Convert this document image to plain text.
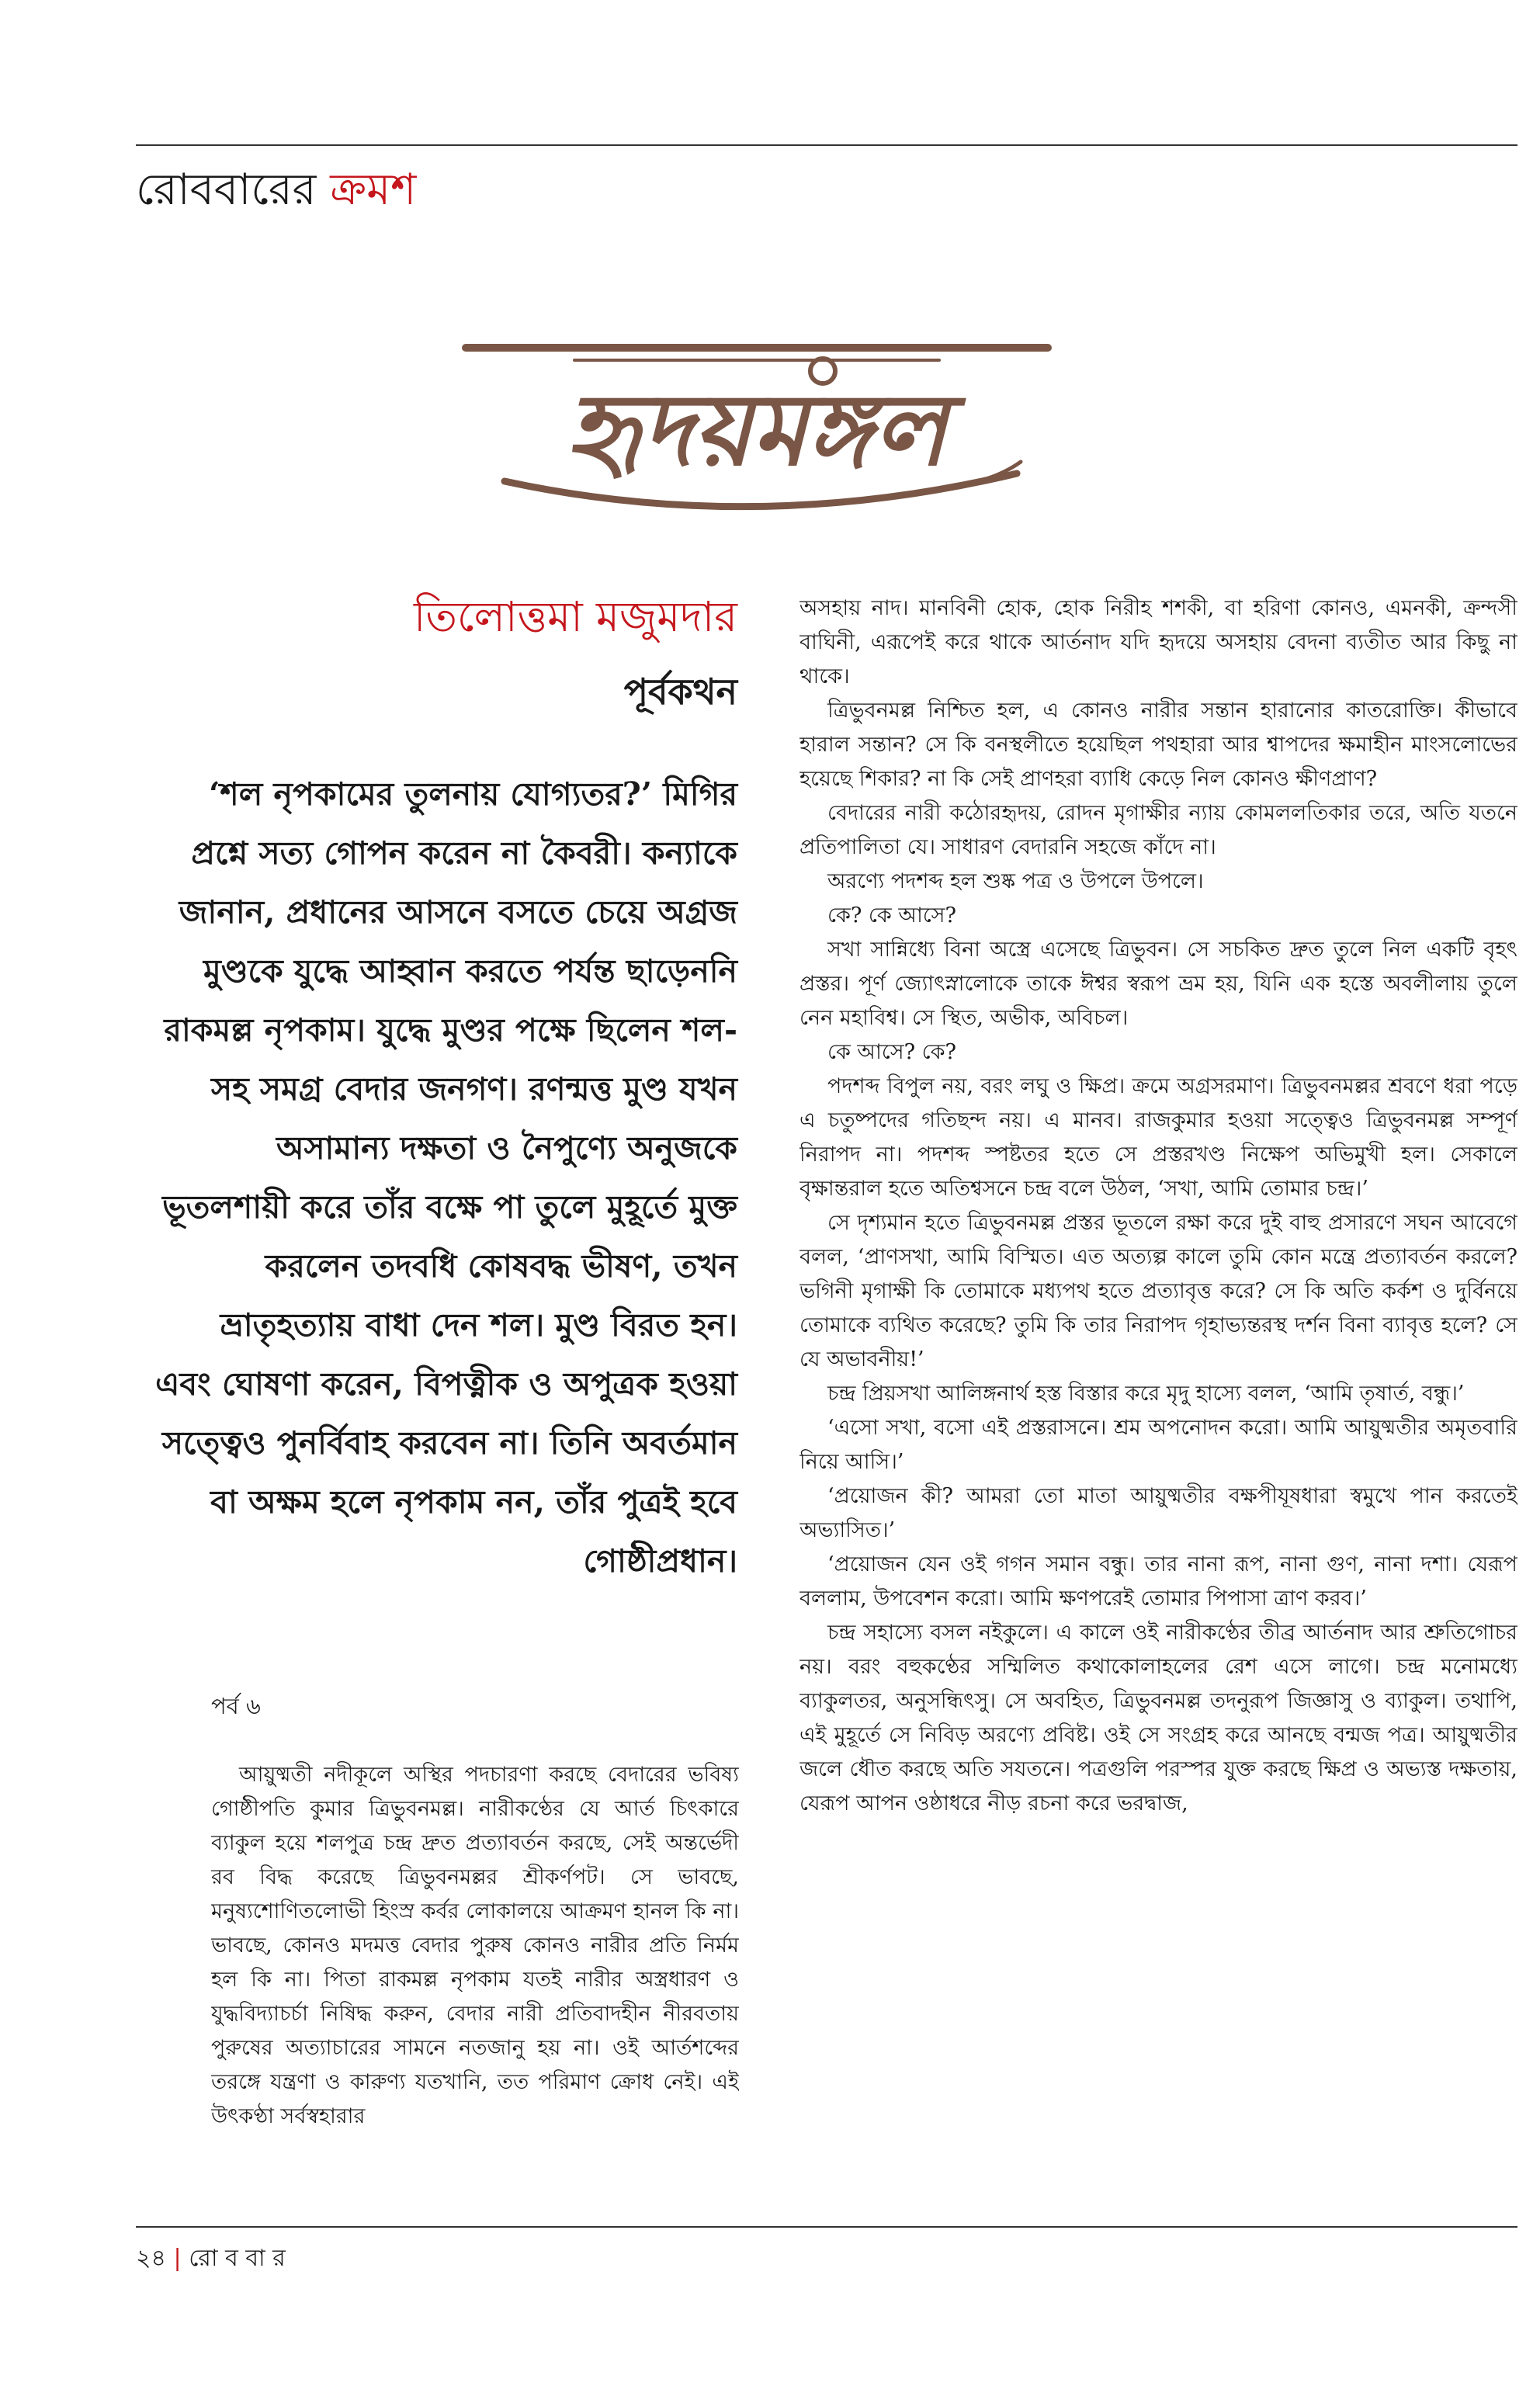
রোববারের ক্রমশ
হৃদয়মঙ্গল
তিলোত্তমা মজুমদার
পূর্বকথন
‘শল নৃপকামের তুলনায় যোগ্যতর?’ মিগির প্রশ্নে সত্য গোপন করেন না কৈবরী। কন্যাকে জানান, প্রধানের আসনে বসতে চেয়ে অগ্রজ মুণ্ডকে যুদ্ধে আহ্বান করতে পর্যন্ত ছাড়েননি রাকমল্ল নৃপকাম। যুদ্ধে মুণ্ডর পক্ষে ছিলেন শল-সহ সমগ্র বেদার জনগণ। রণন্মত্ত মুণ্ড যখন অসামান্য দক্ষতা ও নৈপুণ্যে অনুজকে ভূতলশায়ী করে তাঁর বক্ষে পা তুলে মুহূর্তে মুক্ত করলেন তদবধি কোষবদ্ধ ভীষণ, তখন ভ্রাতৃহত্যায় বাধা দেন শল। মুণ্ড বিরত হন। এবং ঘোষণা করেন, বিপত্নীক ও অপুত্রক হওয়া সত্ত্বেও পুনর্বিবাহ করবেন না। তিনি অবর্তমান বা অক্ষম হলে নৃপকাম নন, তাঁর পুত্রই হবে গোষ্ঠীপ্রধান।
পর্ব ৬

আয়ুষ্মতী নদীকূলে অস্থির পদচারণা করছে বেদারের ভবিষ্য গোষ্ঠীপতি কুমার ত্রিভুবনমল্ল। নারীকণ্ঠের যে আর্ত চিৎকারে ব্যাকুল হয়ে শলপুত্র চন্দ্র দ্রুত প্রত্যাবর্তন করছে, সেই অন্তর্ভেদী রব বিদ্ধ করেছে ত্রিভুবনমল্লর শ্রীকর্ণপট। সে ভাবছে, মনুষ্যশোণিতলোভী হিংস্র কর্বর লোকালয়ে আক্রমণ হানল কি না। ভাবছে, কোনও মদমত্ত বেদার পুরুষ কোনও নারীর প্রতি নির্মম হল কি না। পিতা রাকমল্ল নৃপকাম যতই নারীর অস্ত্রধারণ ও যুদ্ধবিদ্যাচর্চা নিষিদ্ধ করুন, বেদার নারী প্রতিবাদহীন নীরবতায় পুরুষের অত্যাচারের সামনে নতজানু হয় না। ওই আর্তশব্দের তরঙ্গে যন্ত্রণা ও কারুণ্য যতখানি, তত পরিমাণ ক্রোধ নেই। এই উৎকণ্ঠা সর্বস্বহারার

অসহায় নাদ। মানবিনী হোক, হোক নিরীহ শশকী, বা হরিণা কোনও, এমনকী, ক্রন্দসী বাঘিনী, এরূপেই করে থাকে আর্তনাদ যদি হৃদয়ে অসহায় বেদনা ব্যতীত আর কিছু না থাকে।

ত্রিভুবনমল্ল নিশ্চিত হল, এ কোনও নারীর সন্তান হারানোর কাতরোক্তি। কীভাবে হারাল সন্তান? সে কি বনস্থলীতে হয়েছিল পথহারা আর শ্বাপদের ক্ষমাহীন মাংসলোভের হয়েছে শিকার? না কি সেই প্রাণহরা ব্যাধি কেড়ে নিল কোনও ক্ষীণপ্রাণ?

বেদারের নারী কঠোরহৃদয়, রোদন মৃগাক্ষীর ন্যায় কোমললতিকার তরে, অতি যতনে প্রতিপালিতা যে। সাধারণ বেদারনি সহজে কাঁদে না।

অরণ্যে পদশব্দ হল শুষ্ক পত্র ও উপলে উপলে।

কে? কে আসে?

সখা সান্নিধ্যে বিনা অস্ত্রে এসেছে ত্রিভুবন। সে সচকিত দ্রুত তুলে নিল একটি বৃহৎ প্রস্তর। পূর্ণ জ্যোৎস্নালোকে তাকে ঈশ্বর স্বরূপ ভ্রম হয়, যিনি এক হস্তে অবলীলায় তুলে নেন মহাবিশ্ব। সে স্থিত, অভীক, অবিচল।

কে আসে? কে?

পদশব্দ বিপুল নয়, বরং লঘু ও ক্ষিপ্র। ক্রমে অগ্রসরমাণ। ত্রিভুবনমল্লর শ্রবণে ধরা পড়ে এ চতুষ্পদের গতিছন্দ নয়। এ মানব। রাজকুমার হওয়া সত্ত্বেও ত্রিভুবনমল্ল সম্পূর্ণ নিরাপদ না। পদশব্দ স্পষ্টতর হতে সে প্রস্তরখণ্ড নিক্ষেপ অভিমুখী হল। সেকালে বৃক্ষান্তরাল হতে অতিশ্বসনে চন্দ্র বলে উঠল, ‘সখা, আমি তোমার চন্দ্র।’

সে দৃশ্যমান হতে ত্রিভুবনমল্ল প্রস্তর ভূতলে রক্ষা করে দুই বাহু প্রসারণে সঘন আবেগে বলল, ‘প্রাণসখা, আমি বিস্মিত। এত অত্যল্প কালে তুমি কোন মন্ত্রে প্রত্যাবর্তন করলে? ভগিনী মৃগাক্ষী কি তোমাকে মধ্যপথ হতে প্রত্যাবৃত্ত করে? সে কি অতি কর্কশ ও দুর্বিনয়ে তোমাকে ব্যথিত করেছে? তুমি কি তার নিরাপদ গৃহাভ্যন্তরস্থ দর্শন বিনা ব্যাবৃত্ত হলে? সে যে অভাবনীয়!’

চন্দ্র প্রিয়সখা আলিঙ্গনার্থ হস্ত বিস্তার করে মৃদু হাস্যে বলল, ‘আমি তৃষার্ত, বন্ধু।’

‘এসো সখা, বসো এই প্রস্তরাসনে। শ্রম অপনোদন করো। আমি আয়ুষ্মতীর অমৃতবারি নিয়ে আসি।’

‘প্রয়োজন কী? আমরা তো মাতা আয়ুষ্মতীর বক্ষপীযূষধারা স্বমুখে পান করতেই অভ্যাসিত।’

‘প্রয়োজন যেন ওই গগন সমান বন্ধু। তার নানা রূপ, নানা গুণ, নানা দশা। যেরূপ বললাম, উপবেশন করো। আমি ক্ষণপরেই তোমার পিপাসা ত্রাণ করব।’

চন্দ্র সহাস্যে বসল নইকুলে। এ কালে ওই নারীকণ্ঠের তীব্র আর্তনাদ আর শ্রুতিগোচর নয়। বরং বহুকণ্ঠের সম্মিলিত কথাকোলাহলের রেশ এসে লাগে। চন্দ্র মনোমধ্যে ব্যাকুলতর, অনুসন্ধিৎসু। সে অবহিত, ত্রিভুবনমল্ল তদনুরূপ জিজ্ঞাসু ও ব্যাকুল। তথাপি, এই মুহূর্তে সে নিবিড় অরণ্যে প্রবিষ্ট। ওই সে সংগ্রহ করে আনছে বন্মজ পত্র। আয়ুষ্মতীর জলে ধৌত করছে অতি সযতনে। পত্রগুলি পরস্পর যুক্ত করছে ক্ষিপ্র ও অভ্যস্ত দক্ষতায়, যেরূপ আপন ওষ্ঠাধরে নীড় রচনা করে ভরদ্বাজ,

২৪ | রো ব বা র
